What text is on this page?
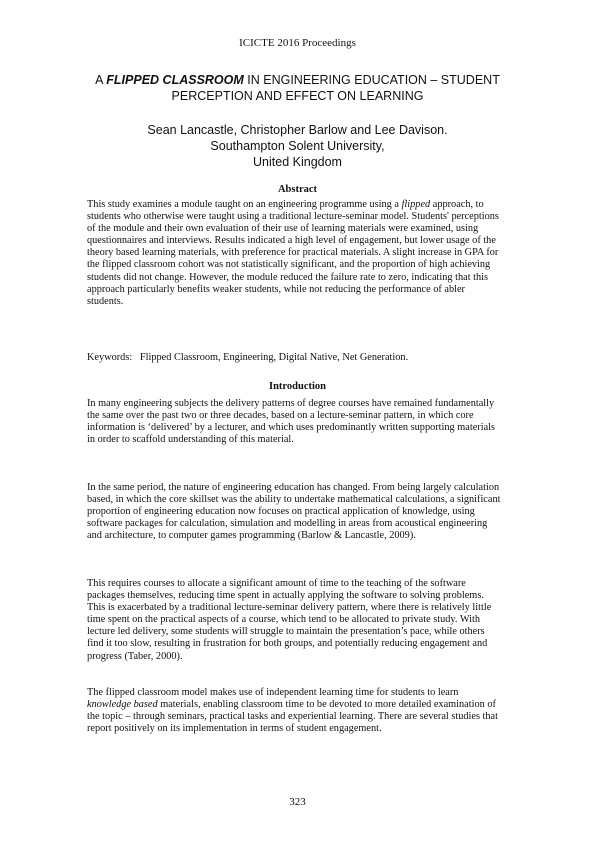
ICICTE 2016 Proceedings
A FLIPPED CLASSROOM IN ENGINEERING EDUCATION – STUDENT PERCEPTION AND EFFECT ON LEARNING
Sean Lancastle, Christopher Barlow and Lee Davison.
Southampton Solent University,
United Kingdom
Abstract

This study examines a module taught on an engineering programme using a flipped approach, to students who otherwise were taught using a traditional lecture-seminar model. Students' perceptions of the module and their own evaluation of their use of learning materials were examined, using questionnaires and interviews. Results indicated a high level of engagement, but lower usage of the theory based learning materials, with preference for practical materials. A slight increase in GPA for the flipped classroom cohort was not statistically significant, and the proportion of high achieving students did not change. However, the module reduced the failure rate to zero, indicating that this approach particularly benefits weaker students, while not reducing the performance of abler students.

Keywords: Flipped Classroom, Engineering, Digital Native, Net Generation.

Introduction

In many engineering subjects the delivery patterns of degree courses have remained fundamentally the same over the past two or three decades, based on a lecture-seminar pattern, in which core information is ‘delivered’ by a lecturer, and which uses predominantly written supporting materials in order to scaffold understanding of this material.

In the same period, the nature of engineering education has changed. From being largely calculation based, in which the core skillset was the ability to undertake mathematical calculations, a significant proportion of engineering education now focuses on practical application of knowledge, using software packages for calculation, simulation and modelling in areas from acoustical engineering and architecture, to computer games programming (Barlow & Lancastle, 2009).

This requires courses to allocate a significant amount of time to the teaching of the software packages themselves, reducing time spent in actually applying the software to solving problems. This is exacerbated by a traditional lecture-seminar delivery pattern, where there is relatively little time spent on the practical aspects of a course, which tend to be allocated to private study. With lecture led delivery, some students will struggle to maintain the presentation’s pace, while others find it too slow, resulting in frustration for both groups, and potentially reducing engagement and progress (Taber, 2000).

The flipped classroom model makes use of independent learning time for students to learn knowledge based materials, enabling classroom time to be devoted to more detailed examination of the topic – through seminars, practical tasks and experiential learning. There are several studies that report positively on its implementation in terms of student engagement.

323
